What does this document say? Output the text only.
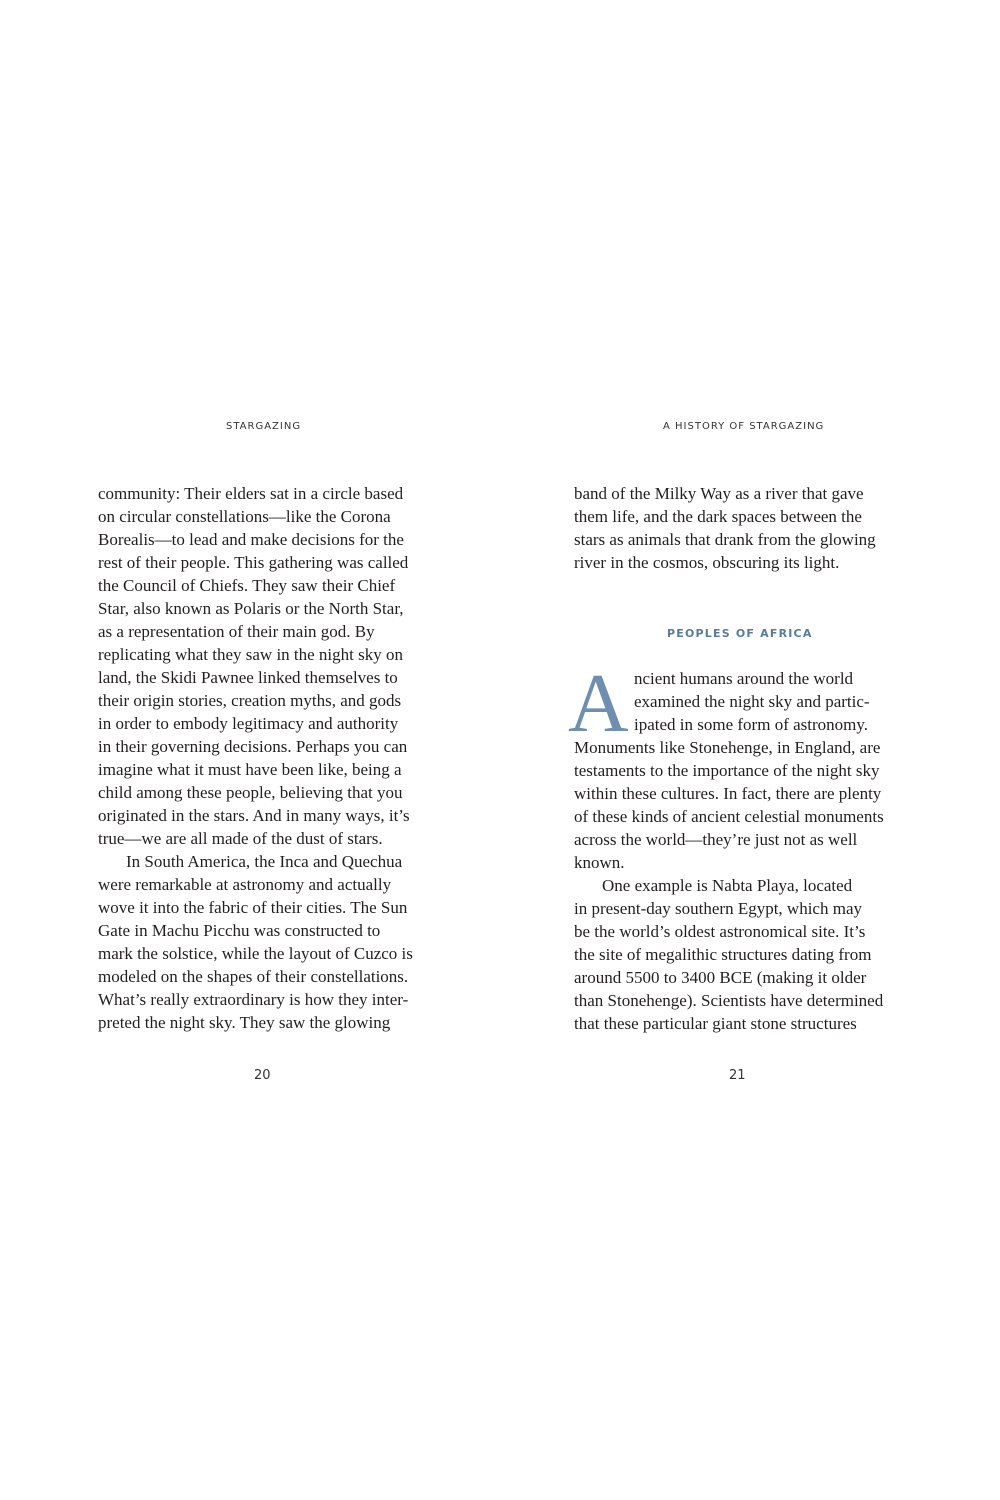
STARGAZING
community: Their elders sat in a circle based
on circular constellations—like the Corona
Borealis—to lead and make decisions for the
rest of their people. This gathering was called
the Council of Chiefs. They saw their Chief
Star, also known as Polaris or the North Star,
as a representation of their main god. By
replicating what they saw in the night sky on
land, the Skidi Pawnee linked themselves to
their origin stories, creation myths, and gods
in order to embody legitimacy and authority
in their governing decisions. Perhaps you can
imagine what it must have been like, being a
child among these people, believing that you
originated in the stars. And in many ways, it’s
true—we are all made of the dust of stars.
In South America, the Inca and Quechua
were remarkable at astronomy and actually
wove it into the fabric of their cities. The Sun
Gate in Machu Picchu was constructed to
mark the solstice, while the layout of Cuzco is
modeled on the shapes of their constellations.
What’s really extraordinary is how they inter-
preted the night sky. They saw the glowing
20
A HISTORY OF STARGAZING
band of the Milky Way as a river that gave
them life, and the dark spaces between the
stars as animals that drank from the glowing
river in the cosmos, obscuring its light.
PEOPLES OF AFRICA
A ncient humans around the world
examined the night sky and partic-
ipated in some form of astronomy.
Monuments like Stonehenge, in England, are
testaments to the importance of the night sky
within these cultures. In fact, there are plenty
of these kinds of ancient celestial monuments
across the world—they’re just not as well
known.
One example is Nabta Playa, located
in present-day southern Egypt, which may
be the world’s oldest astronomical site. It’s
the site of megalithic structures dating from
around 5500 to 3400 BCE (making it older
than Stonehenge). Scientists have determined
that these particular giant stone structures
21
